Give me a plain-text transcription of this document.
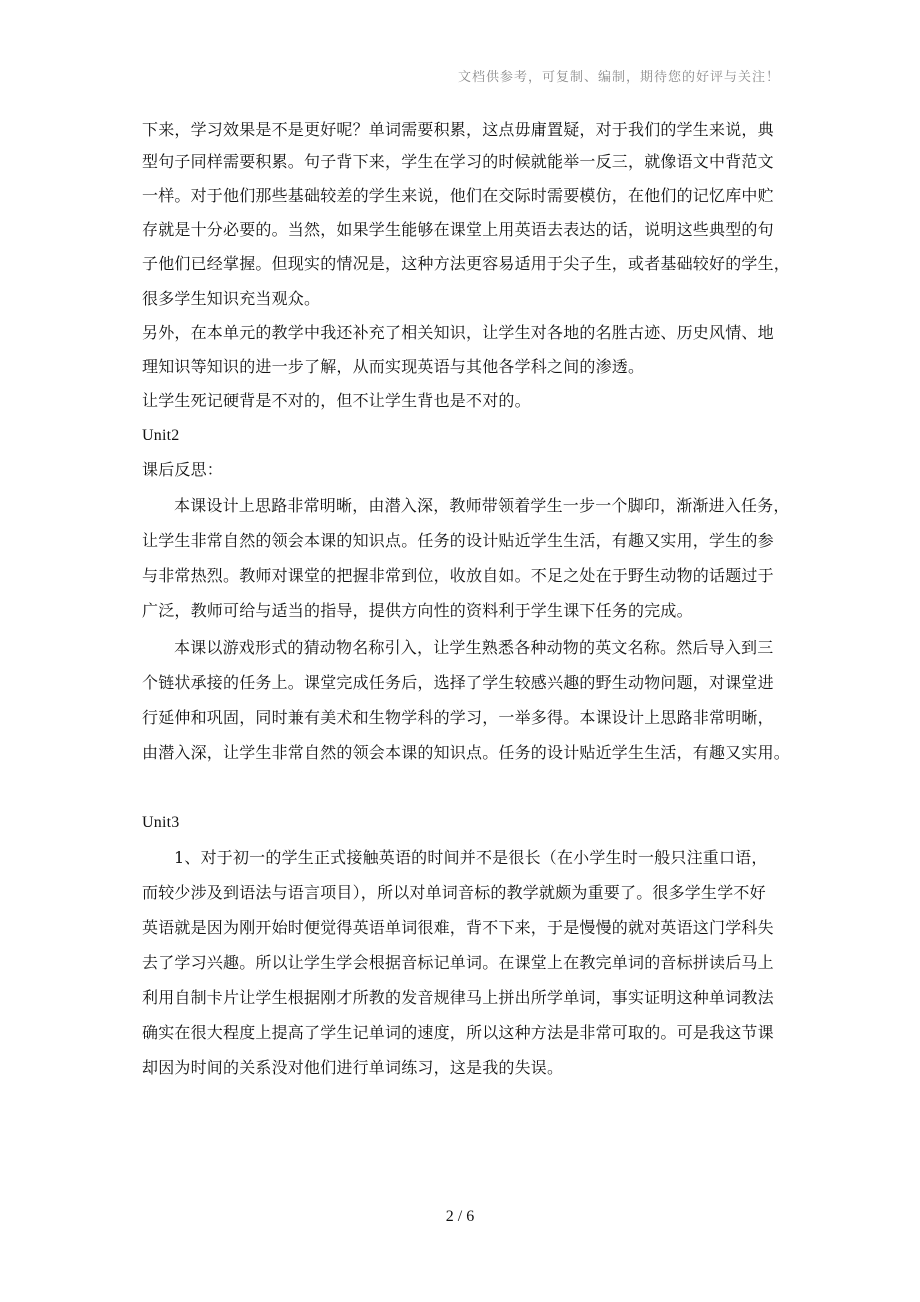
文档供参考，可复制、编制，期待您的好评与关注！
下来，学习效果是不是更好呢？单词需要积累，这点毋庸置疑，对于我们的学生来说，典
型句子同样需要积累。句子背下来，学生在学习的时候就能举一反三，就像语文中背范文
一样。对于他们那些基础较差的学生来说，他们在交际时需要模仿，在他们的记忆库中贮
存就是十分必要的。当然，如果学生能够在课堂上用英语去表达的话，说明这些典型的句
子他们已经掌握。但现实的情况是，这种方法更容易适用于尖子生，或者基础较好的学生，
很多学生知识充当观众。
另外，在本单元的教学中我还补充了相关知识，让学生对各地的名胜古迹、历史风情、地
理知识等知识的进一步了解，从而实现英语与其他各学科之间的渗透。
让学生死记硬背是不对的，但不让学生背也是不对的。
Unit2
课后反思：
本课设计上思路非常明晰，由潜入深，教师带领着学生一步一个脚印，渐渐进入任务，
让学生非常自然的领会本课的知识点。任务的设计贴近学生生活，有趣又实用，学生的参
与非常热烈。教师对课堂的把握非常到位，收放自如。不足之处在于野生动物的话题过于
广泛，教师可给与适当的指导，提供方向性的资料利于学生课下任务的完成。
本课以游戏形式的猜动物名称引入，让学生熟悉各种动物的英文名称。然后导入到三
个链状承接的任务上。课堂完成任务后，选择了学生较感兴趣的野生动物问题，对课堂进
行延伸和巩固，同时兼有美术和生物学科的学习，一举多得。本课设计上思路非常明晰，
由潜入深，让学生非常自然的领会本课的知识点。任务的设计贴近学生生活，有趣又实用。
Unit3
1、对于初一的学生正式接触英语的时间并不是很长（在小学生时一般只注重口语，
而较少涉及到语法与语言项目），所以对单词音标的教学就颇为重要了。很多学生学不好
英语就是因为刚开始时便觉得英语单词很难，背不下来，于是慢慢的就对英语这门学科失
去了学习兴趣。所以让学生学会根据音标记单词。在课堂上在教完单词的音标拼读后马上
利用自制卡片让学生根据刚才所教的发音规律马上拼出所学单词，事实证明这种单词教法
确实在很大程度上提高了学生记单词的速度，所以这种方法是非常可取的。可是我这节课
却因为时间的关系没对他们进行单词练习，这是我的失误。
2 / 6
